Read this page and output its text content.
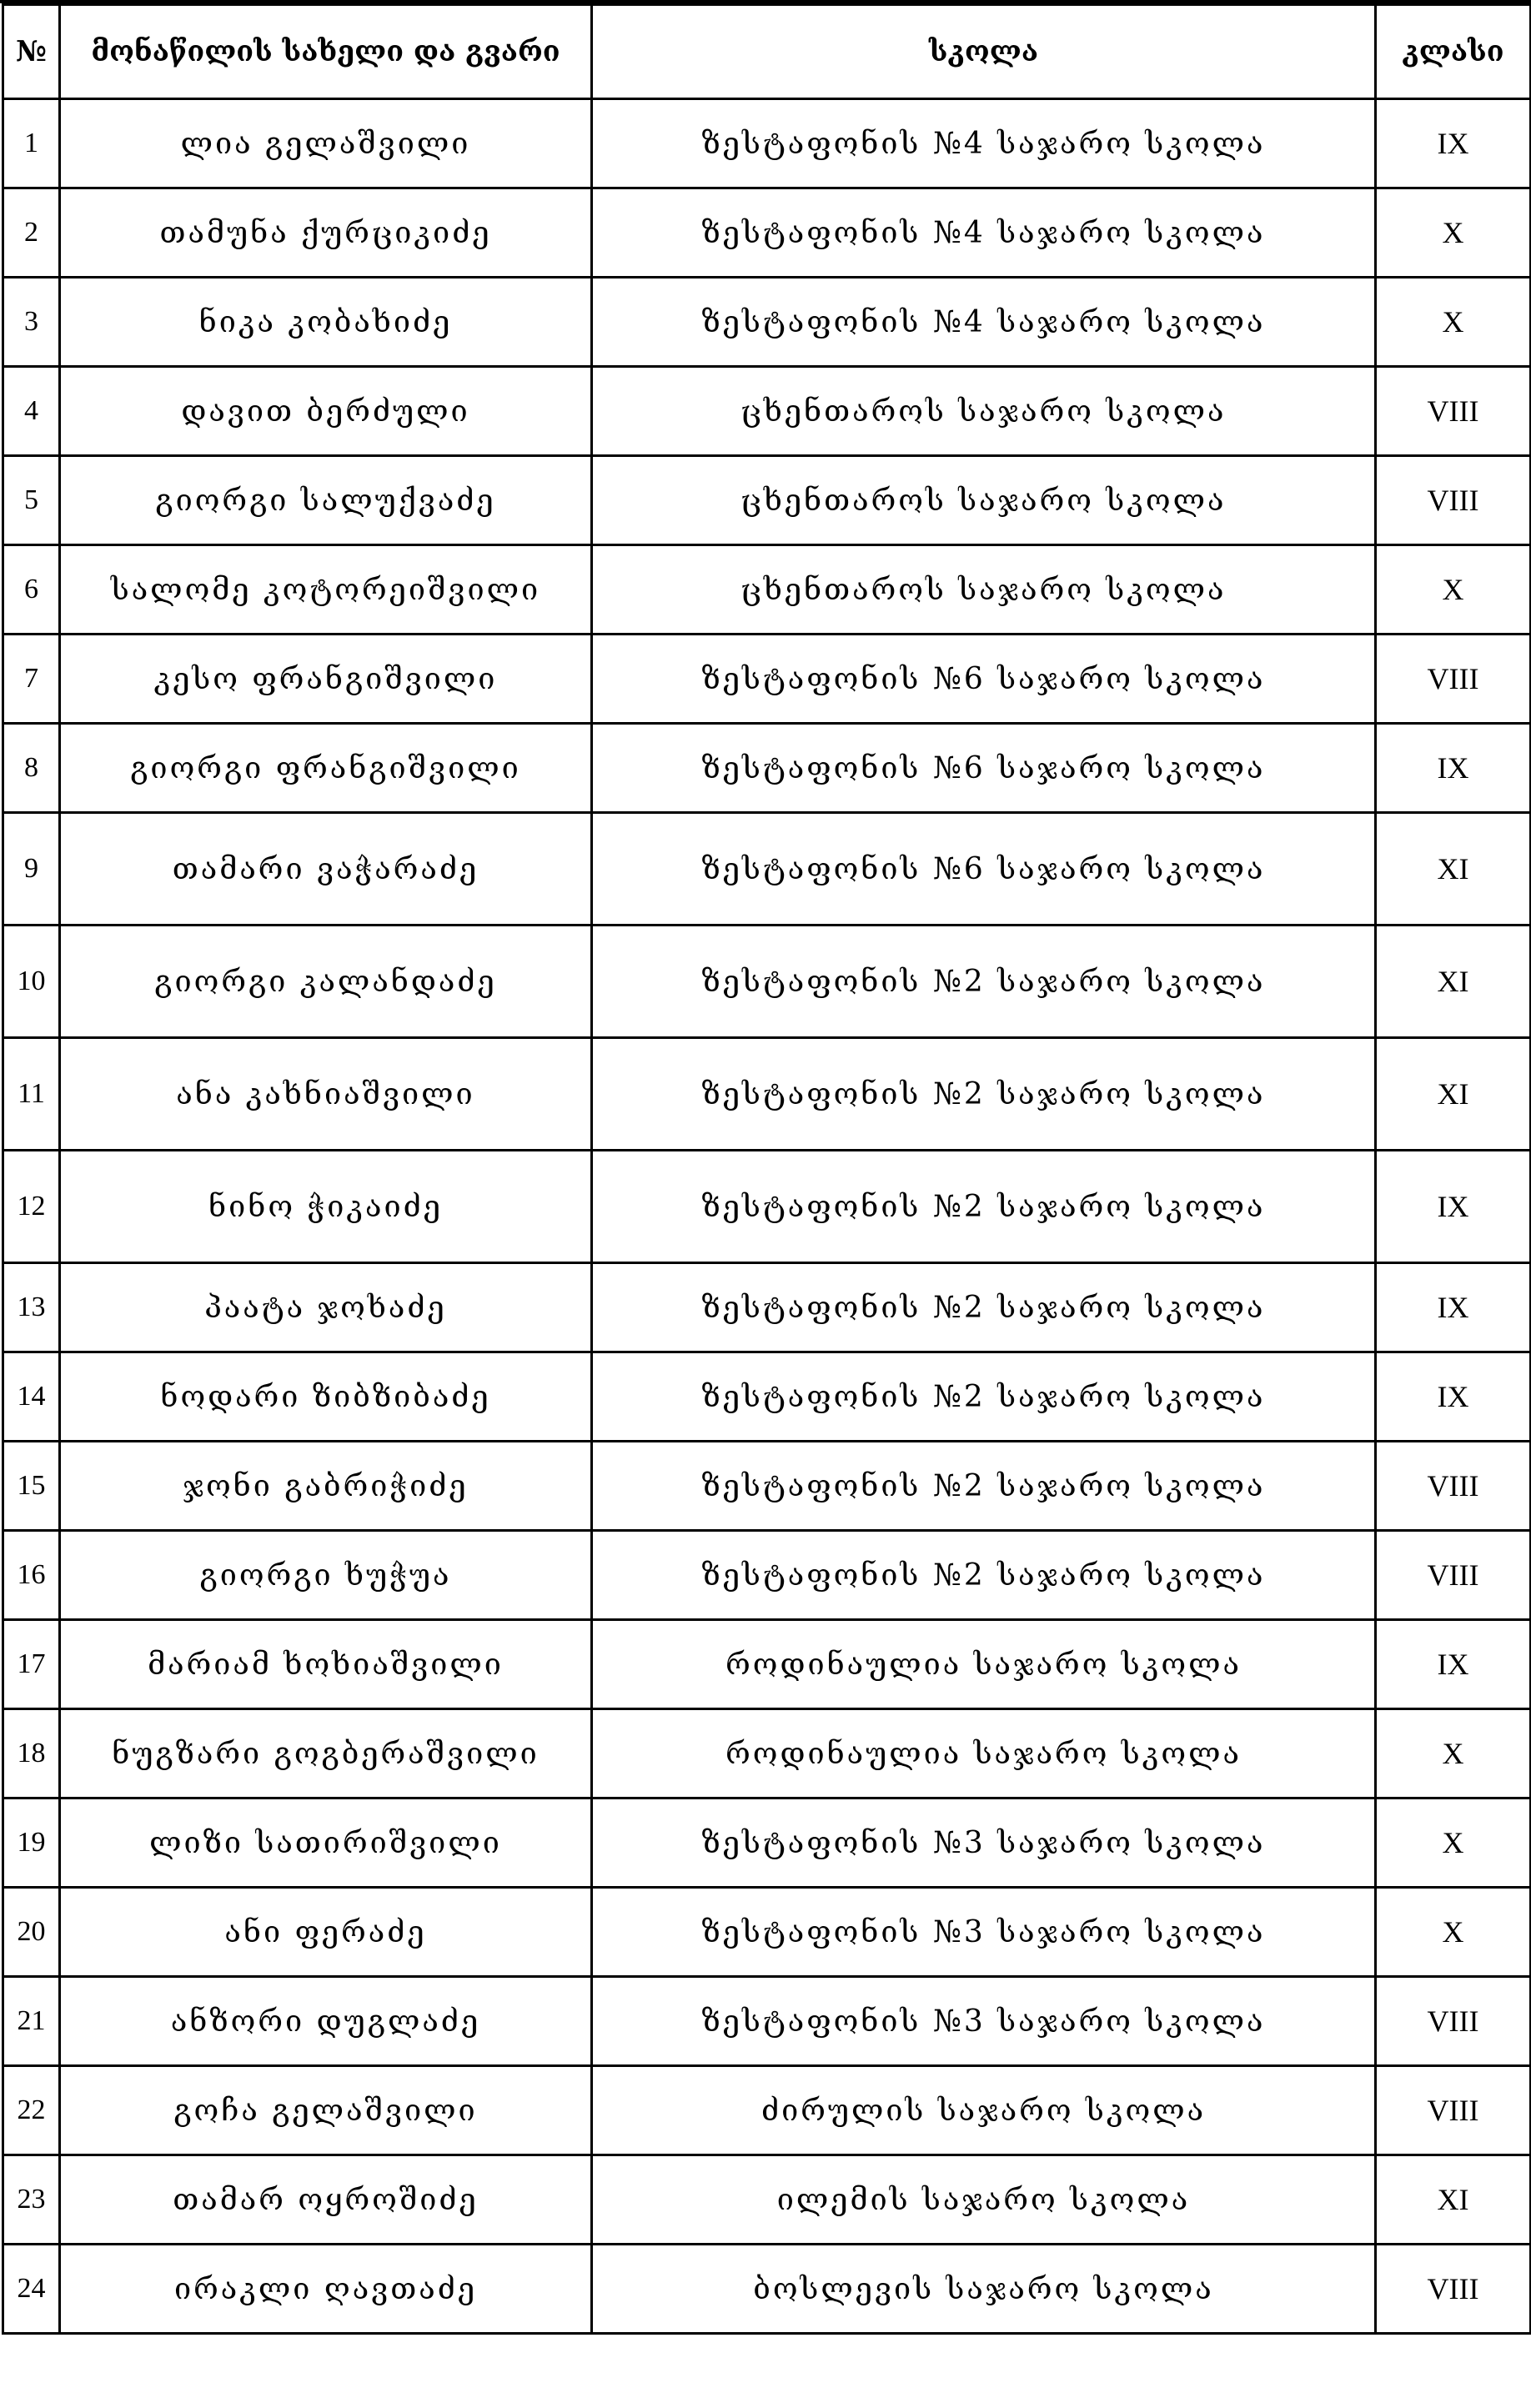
№	მონაწილის სახელი და გვარი	სკოლა	კლასი
1	ლია გელაშვილი	ზესტაფონის №4 საჯარო სკოლა	IX
2	თამუნა ქურციკიძე	ზესტაფონის №4 საჯარო სკოლა	X
3	ნიკა კობახიძე	ზესტაფონის №4 საჯარო სკოლა	X
4	დავით ბერძული	ცხენთაროს საჯარო სკოლა	VIII
5	გიორგი სალუქვაძე	ცხენთაროს საჯარო სკოლა	VIII
6	სალომე კოტორეიშვილი	ცხენთაროს საჯარო სკოლა	X
7	კესო ფრანგიშვილი	ზესტაფონის №6 საჯარო სკოლა	VIII
8	გიორგი ფრანგიშვილი	ზესტაფონის №6 საჯარო სკოლა	IX
9	თამარი ვაჭარაძე	ზესტაფონის №6 საჯარო სკოლა	XI
10	გიორგი კალანდაძე	ზესტაფონის №2 საჯარო სკოლა	XI
11	ანა კახნიაშვილი	ზესტაფონის №2 საჯარო სკოლა	XI
12	ნინო ჭიკაიძე	ზესტაფონის №2 საჯარო სკოლა	IX
13	პაატა ჯოხაძე	ზესტაფონის №2 საჯარო სკოლა	IX
14	ნოდარი ზიბზიბაძე	ზესტაფონის №2 საჯარო სკოლა	IX
15	ჯონი გაბრიჭიძე	ზესტაფონის №2 საჯარო სკოლა	VIII
16	გიორგი ხუჭუა	ზესტაფონის №2 საჯარო სკოლა	VIII
17	მარიამ ხოხიაშვილი	როდინაულია საჯარო სკოლა	IX
18	ნუგზარი გოგბერაშვილი	როდინაულია საჯარო სკოლა	X
19	ლიზი სათირიშვილი	ზესტაფონის №3 საჯარო სკოლა	X
20	ანი ფერაძე	ზესტაფონის №3 საჯარო სკოლა	X
21	ანზორი დუგლაძე	ზესტაფონის №3 საჯარო სკოლა	VIII
22	გოჩა გელაშვილი	ძირულის საჯარო სკოლა	VIII
23	თამარ ოყროშიძე	ილემის საჯარო სკოლა	XI
24	ირაკლი ღავთაძე	ბოსლევის საჯარო სკოლა	VIII
